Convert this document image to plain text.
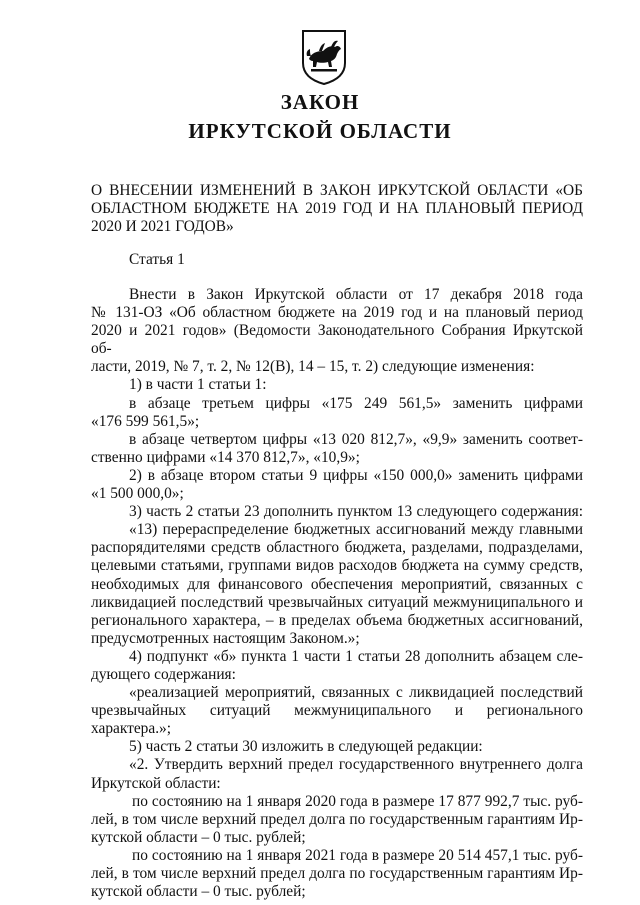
ЗАКОН
ИРКУТСКОЙ ОБЛАСТИ
О ВНЕСЕНИИ ИЗМЕНЕНИЙ В ЗАКОН ИРКУТСКОЙ ОБЛАСТИ «ОБ
ОБЛАСТНОМ БЮДЖЕТЕ НА 2019 ГОД И НА ПЛАНОВЫЙ ПЕРИОД
2020 И 2021 ГОДОВ»
Статья 1
Внести в Закон Иркутской области от 17 декабря 2018 года
№ 131-ОЗ «Об областном бюджете на 2019 год и на плановый период
2020 и 2021 годов» (Ведомости Законодательного Собрания Иркутской об-
ласти, 2019, № 7, т. 2, № 12(В), 14 – 15, т. 2) следующие изменения:
1) в части 1 статьи 1:
в абзаце третьем цифры «175 249 561,5» заменить цифрами
«176 599 561,5»;
в абзаце четвертом цифры «13 020 812,7», «9,9» заменить соответ-
ственно цифрами «14 370 812,7», «10,9»;
2) в абзаце втором статьи 9 цифры «150 000,0» заменить цифрами
«1 500 000,0»;
3) часть 2 статьи 23 дополнить пунктом 13 следующего содержания:
«13) перераспределение бюджетных ассигнований между главными
распорядителями средств областного бюджета, разделами, подразделами,
целевыми статьями, группами видов расходов бюджета на сумму средств,
необходимых для финансового обеспечения мероприятий, связанных с
ликвидацией последствий чрезвычайных ситуаций межмуниципального и
регионального характера, – в пределах объема бюджетных ассигнований,
предусмотренных настоящим Законом.»;
4) подпункт «б» пункта 1 части 1 статьи 28 дополнить абзацем сле-
дующего содержания:
«реализацией мероприятий, связанных с ликвидацией последствий
чрезвычайных ситуаций межмуниципального и регионального характера.»;
5) часть 2 статьи 30 изложить в следующей редакции:
«2. Утвердить верхний предел государственного внутреннего долга
Иркутской области:
по состоянию на 1 января 2020 года в размере 17 877 992,7 тыс. руб-
лей, в том числе верхний предел долга по государственным гарантиям Ир-
кутской области – 0 тыс. рублей;
по состоянию на 1 января 2021 года в размере 20 514 457,1 тыс. руб-
лей, в том числе верхний предел долга по государственным гарантиям Ир-
кутской области – 0 тыс. рублей;
